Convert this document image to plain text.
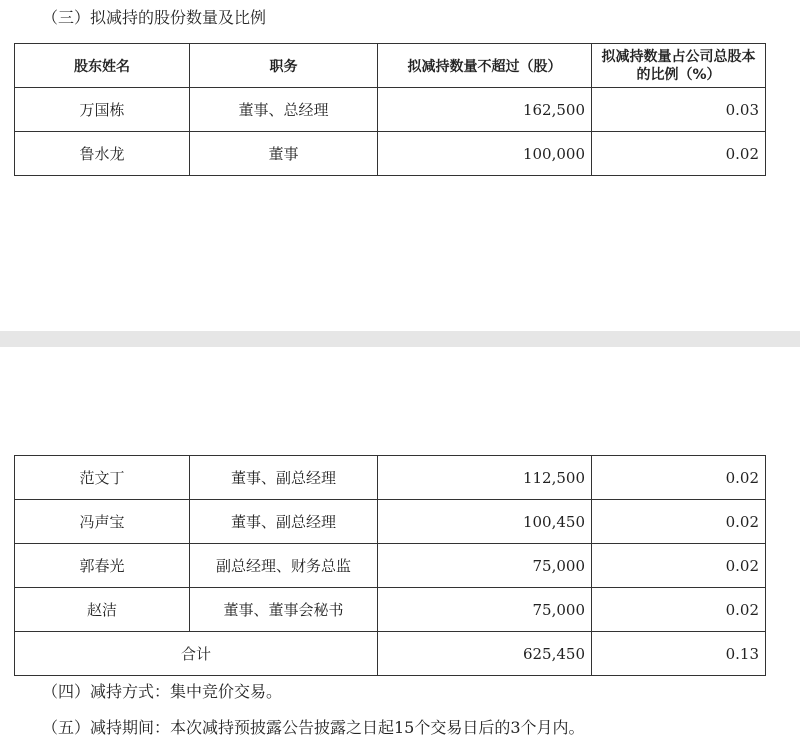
（三）拟减持的股份数量及比例
股东姓名	职务	拟减持数量不超过（股）	拟减持数量占公司总股本的比例（%）
万国栋	董事、总经理	162,500	0.03
鲁水龙	董事	100,000	0.02
范文丁	董事、副总经理	112,500	0.02
冯声宝	董事、副总经理	100,450	0.02
郭春光	副总经理、财务总监	75,000	0.02
赵洁	董事、董事会秘书	75,000	0.02
合计		625,450	0.13
（四）减持方式：集中竞价交易。
（五）减持期间：本次减持预披露公告披露之日起15个交易日后的3个月内。
